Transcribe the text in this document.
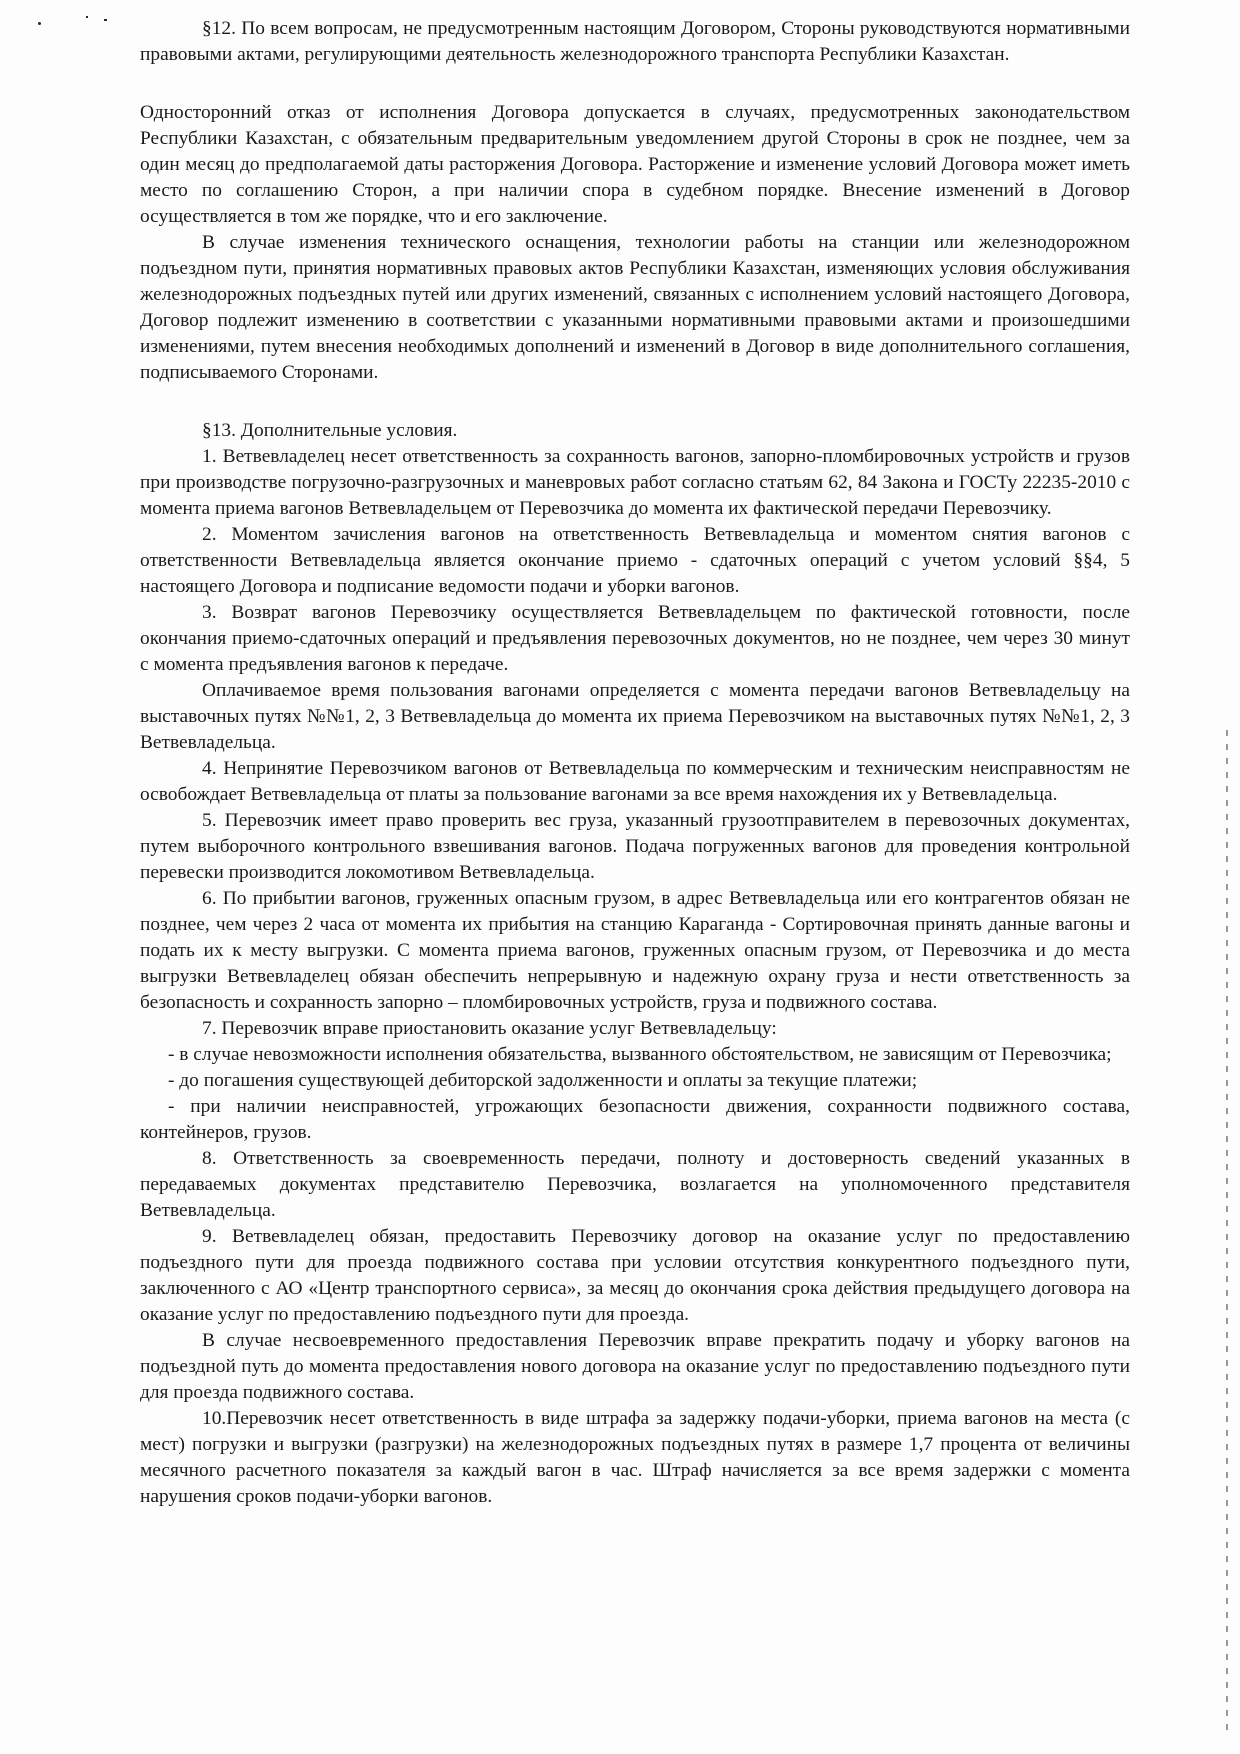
§12. По всем вопросам, не предусмотренным настоящим Договором, Стороны руководствуются нормативными правовыми актами, регулирующими деятельность железнодорожного транспорта Республики Казахстан.

Односторонний отказ от исполнения Договора допускается в случаях, предусмотренных законодательством Республики Казахстан, с обязательным предварительным уведомлением другой Стороны в срок не позднее, чем за один месяц до предполагаемой даты расторжения Договора. Расторжение и изменение условий Договора может иметь место по соглашению Сторон, а при наличии спора в судебном порядке. Внесение изменений в Договор осуществляется в том же порядке, что и его заключение.

В случае изменения технического оснащения, технологии работы на станции или железнодорожном подъездном пути, принятия нормативных правовых актов Республики Казахстан, изменяющих условия обслуживания железнодорожных подъездных путей или других изменений, связанных с исполнением условий настоящего Договора, Договор подлежит изменению в соответствии с указанными нормативными правовыми актами и произошедшими изменениями, путем внесения необходимых дополнений и изменений в Договор в виде дополнительного соглашения, подписываемого Сторонами.

§13. Дополнительные условия.

1. Ветвевладелец несет ответственность за сохранность вагонов, запорно-пломбировочных устройств и грузов при производстве погрузочно-разгрузочных и маневровых работ согласно статьям 62, 84 Закона и ГОСТу 22235-2010 с момента приема вагонов Ветвевладельцем от Перевозчика до момента их фактической передачи Перевозчику.

2. Моментом зачисления вагонов на ответственность Ветвевладельца и моментом снятия вагонов с ответственности Ветвевладельца является окончание приемо - сдаточных операций с учетом условий §§4, 5 настоящего Договора и подписание ведомости подачи и уборки вагонов.

3. Возврат вагонов Перевозчику осуществляется Ветвевладельцем по фактической готовности, после окончания приемо-сдаточных операций и предъявления перевозочных документов, но не позднее, чем через 30 минут с момента предъявления вагонов к передаче.

Оплачиваемое время пользования вагонами определяется с момента передачи вагонов Ветвевладельцу на выставочных путях №№1, 2, 3 Ветвевладельца до момента их приема Перевозчиком на выставочных путях №№1, 2, 3 Ветвевладельца.

4. Непринятие Перевозчиком вагонов от Ветвевладельца по коммерческим и техническим неисправностям не освобождает Ветвевладельца от платы за пользование вагонами за все время нахождения их у Ветвевладельца.

5. Перевозчик имеет право проверить вес груза, указанный грузоотправителем в перевозочных документах, путем выборочного контрольного взвешивания вагонов. Подача погруженных вагонов для проведения контрольной перевески производится локомотивом Ветвевладельца.

6. По прибытии вагонов, груженных опасным грузом, в адрес Ветвевладельца или его контрагентов обязан не позднее, чем через 2 часа от момента их прибытия на станцию Караганда - Сортировочная принять данные вагоны и подать их к месту выгрузки. С момента приема вагонов, груженных опасным грузом, от Перевозчика и до места выгрузки Ветвевладелец обязан обеспечить непрерывную и надежную охрану груза и нести ответственность за безопасность и сохранность запорно – пломбировочных устройств, груза и подвижного состава.

7. Перевозчик вправе приостановить оказание услуг Ветвевладельцу:

- в случае невозможности исполнения обязательства, вызванного обстоятельством, не зависящим от Перевозчика;

- до погашения существующей дебиторской задолженности и оплаты за текущие платежи;

- при наличии неисправностей, угрожающих безопасности движения, сохранности подвижного состава, контейнеров, грузов.

8. Ответственность за своевременность передачи, полноту и достоверность сведений указанных в передаваемых документах представителю Перевозчика, возлагается на уполномоченного представителя Ветвевладельца.

9. Ветвевладелец обязан, предоставить Перевозчику договор на оказание услуг по предоставлению подъездного пути для проезда подвижного состава при условии отсутствия конкурентного подъездного пути, заключенного с АО «Центр транспортного сервиса», за месяц до окончания срока действия предыдущего договора на оказание услуг по предоставлению подъездного пути для проезда.

В случае несвоевременного предоставления Перевозчик вправе прекратить подачу и уборку вагонов на подъездной путь до момента предоставления нового договора на оказание услуг по предоставлению подъездного пути для проезда подвижного состава.

10.Перевозчик несет ответственность в виде штрафа за задержку подачи-уборки, приема вагонов на места (с мест) погрузки и выгрузки (разгрузки) на железнодорожных подъездных путях в размере 1,7 процента от величины месячного расчетного показателя за каждый вагон в час. Штраф начисляется за все время задержки с момента нарушения сроков подачи-уборки вагонов.
